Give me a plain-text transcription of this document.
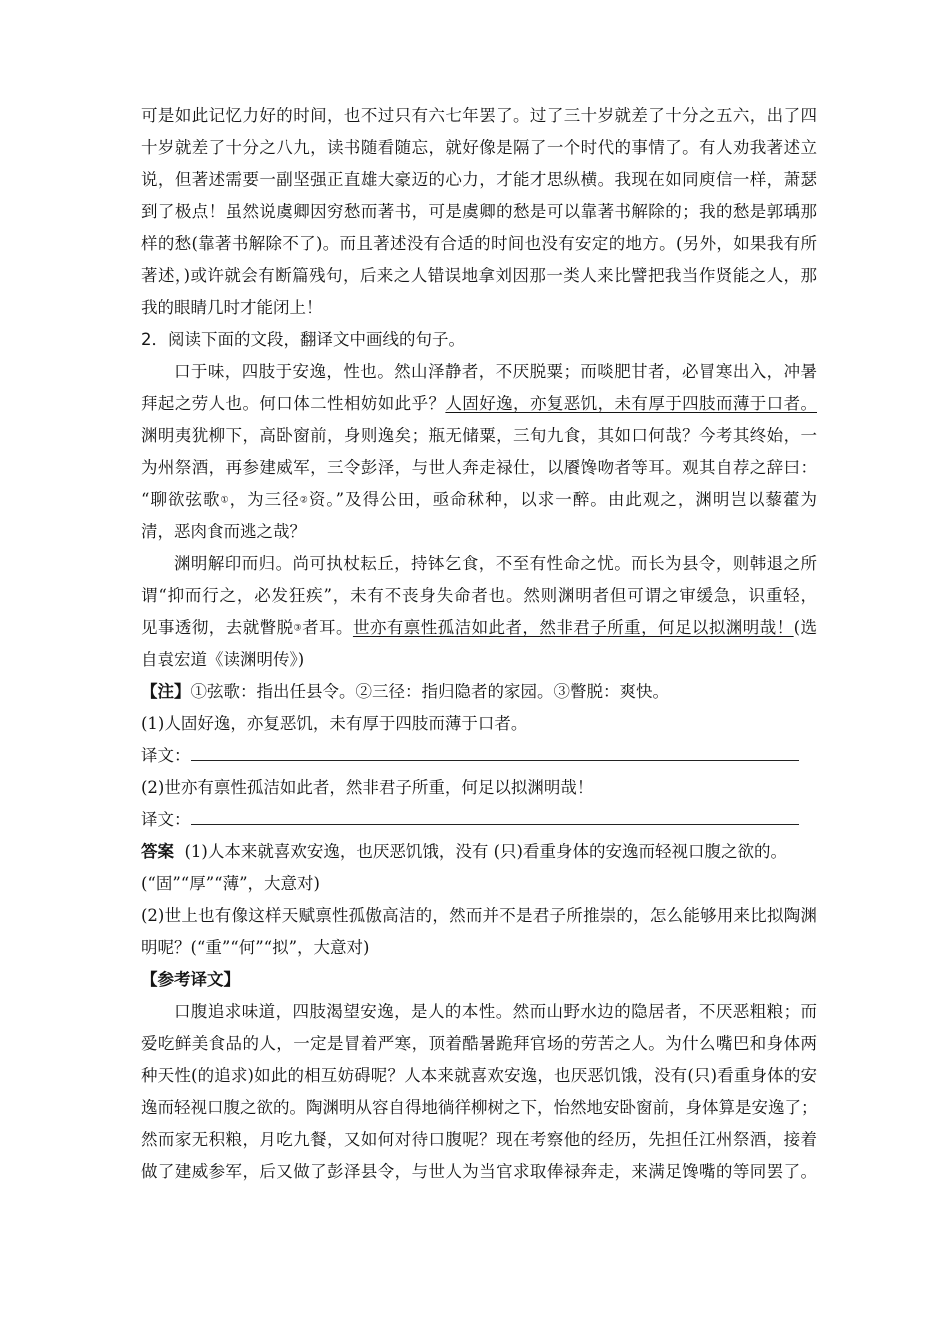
可是如此记忆力好的时间，也不过只有六七年罢了。过了三十岁就差了十分之五六，出了四
十岁就差了十分之八九，读书随看随忘，就好像是隔了一个时代的事情了。有人劝我著述立
说，但著述需要一副坚强正直雄大豪迈的心力，才能才思纵横。我现在如同庾信一样，萧瑟
到了极点！虽然说虞卿因穷愁而著书，可是虞卿的愁是可以靠著书解除的；我的愁是郭瑀那
样的愁(靠著书解除不了)。而且著述没有合适的时间也没有安定的地方。(另外，如果我有所
著述，)或许就会有断篇残句，后来之人错误地拿刘因那一类人来比譬把我当作贤能之人，那
我的眼睛几时才能闭上！
2．阅读下面的文段，翻译文中画线的句子。
口于味，四肢于安逸，性也。然山泽静者，不厌脱粟；而啖肥甘者，必冒寒出入，冲暑
拜起之劳人也。何口体二性相妨如此乎？人固好逸，亦复恶饥，未有厚于四肢而薄于口者。
渊明夷犹柳下，高卧窗前，身则逸矣；瓶无储粟，三旬九食，其如口何哉？今考其终始，一
为州祭酒，再参建威军，三令彭泽，与世人奔走禄仕，以餍馋吻者等耳。观其自荐之辞曰：
“聊欲弦歌①，为三径②资。”及得公田，亟命秫种，以求一醉。由此观之，渊明岂以藜藿为
清，恶肉食而逃之哉？
渊明解印而归。尚可执杖耘丘，持钵乞食，不至有性命之忧。而长为县令，则韩退之所
谓“抑而行之，必发狂疾”，未有不丧身失命者也。然则渊明者但可谓之审缓急，识重轻，
见事透彻，去就瞥脱③者耳。世亦有禀性孤洁如此者，然非君子所重，何足以拟渊明哉！(选
自袁宏道《读渊明传》)
【注】①弦歌：指出任县令。②三径：指归隐者的家园。③瞥脱：爽快。
(1)人固好逸，亦复恶饥，未有厚于四肢而薄于口者。
译文：
(2)世亦有禀性孤洁如此者，然非君子所重，何足以拟渊明哉！
译文：
答案 (1)人本来就喜欢安逸，也厌恶饥饿，没有 (只)看重身体的安逸而轻视口腹之欲的。
(“固”“厚”“薄”，大意对)
(2)世上也有像这样天赋禀性孤傲高洁的，然而并不是君子所推崇的，怎么能够用来比拟陶渊
明呢？(“重”“何”“拟”，大意对)
【参考译文】
口腹追求味道，四肢渴望安逸，是人的本性。然而山野水边的隐居者，不厌恶粗粮；而
爱吃鲜美食品的人，一定是冒着严寒，顶着酷暑跪拜官场的劳苦之人。为什么嘴巴和身体两
种天性(的追求)如此的相互妨碍呢？人本来就喜欢安逸，也厌恶饥饿，没有(只)看重身体的安
逸而轻视口腹之欲的。陶渊明从容自得地徜徉柳树之下，怡然地安卧窗前，身体算是安逸了；
然而家无积粮，月吃九餐，又如何对待口腹呢？现在考察他的经历，先担任江州祭酒，接着
做了建威参军，后又做了彭泽县令，与世人为当官求取俸禄奔走，来满足馋嘴的等同罢了。
